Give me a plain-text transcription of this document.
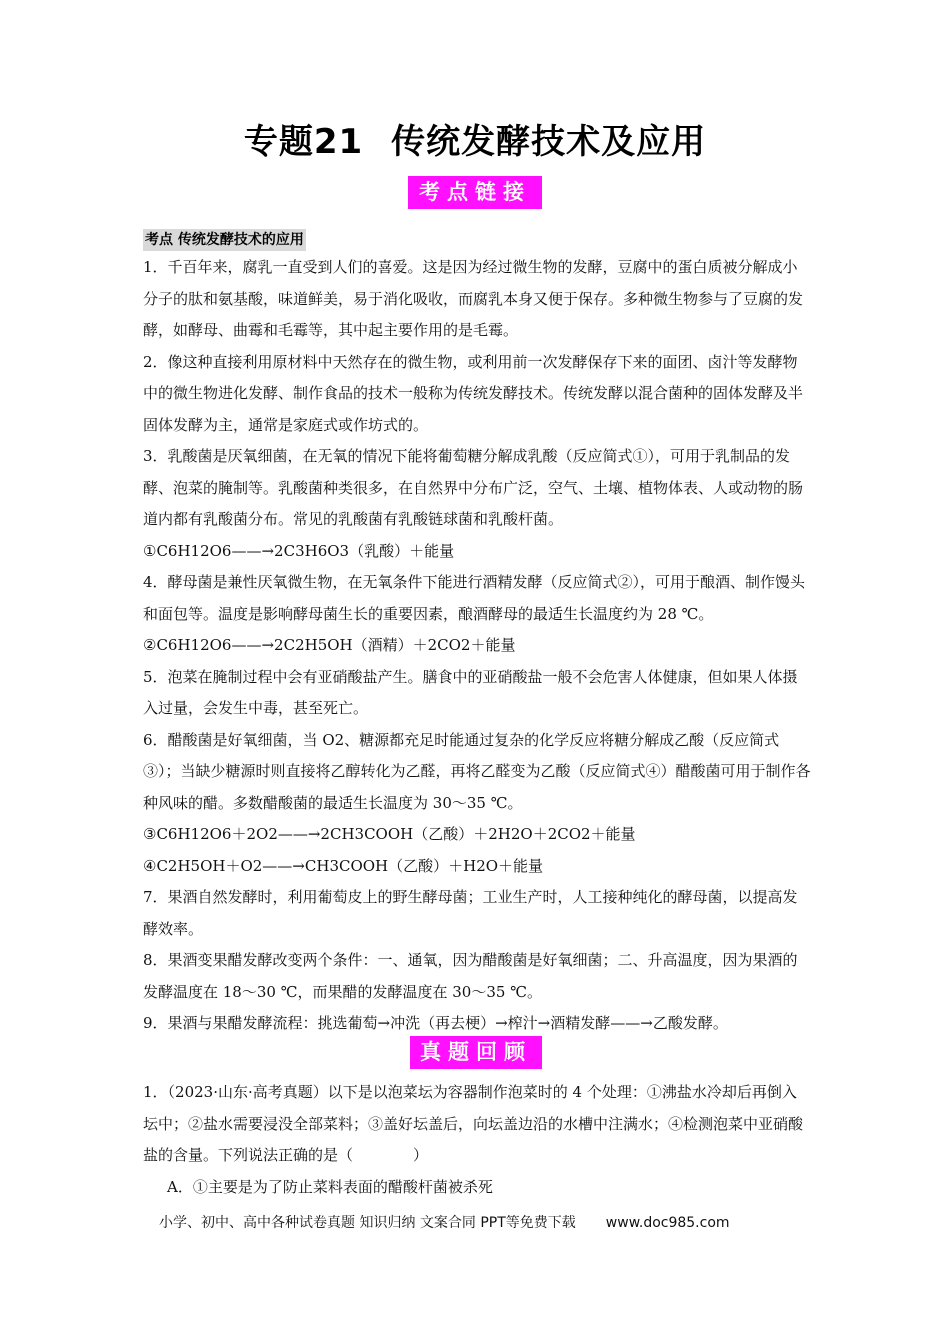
专题21 传统发酵技术及应用
考点链接
考点 传统发酵技术的应用

1．千百年来，腐乳一直受到人们的喜爱。这是因为经过微生物的发酵，豆腐中的蛋白质被分解成小分子的肽和氨基酸，味道鲜美，易于消化吸收，而腐乳本身又便于保存。多种微生物参与了豆腐的发酵，如酵母、曲霉和毛霉等，其中起主要作用的是毛霉。

2．像这种直接利用原材料中天然存在的微生物，或利用前一次发酵保存下来的面团、卤汁等发酵物中的微生物进化发酵、制作食品的技术一般称为传统发酵技术。传统发酵以混合菌种的固体发酵及半固体发酵为主，通常是家庭式或作坊式的。

3．乳酸菌是厌氧细菌，在无氧的情况下能将葡萄糖分解成乳酸（反应简式①），可用于乳制品的发酵、泡菜的腌制等。乳酸菌种类很多，在自然界中分布广泛，空气、土壤、植物体表、人或动物的肠道内都有乳酸菌分布。常见的乳酸菌有乳酸链球菌和乳酸杆菌。

①C6H12O6——→2C3H6O3（乳酸）＋能量

4．酵母菌是兼性厌氧微生物，在无氧条件下能进行酒精发酵（反应简式②），可用于酿酒、制作馒头和面包等。温度是影响酵母菌生长的重要因素，酿酒酵母的最适生长温度约为 28 ℃。

②C6H12O6——→2C2H5OH（酒精）＋2CO2＋能量

5．泡菜在腌制过程中会有亚硝酸盐产生。膳食中的亚硝酸盐一般不会危害人体健康，但如果人体摄入过量，会发生中毒，甚至死亡。

6．醋酸菌是好氧细菌，当 O2、糖源都充足时能通过复杂的化学反应将糖分解成乙酸（反应简式③）；当缺少糖源时则直接将乙醇转化为乙醛，再将乙醛变为乙酸（反应简式④）醋酸菌可用于制作各种风味的醋。多数醋酸菌的最适生长温度为 30～35 ℃。

③C6H12O6＋2O2——→2CH3COOH（乙酸）＋2H2O＋2CO2＋能量

④C2H5OH＋O2——→CH3COOH（乙酸）＋H2O＋能量

7．果酒自然发酵时，利用葡萄皮上的野生酵母菌；工业生产时，人工接种纯化的酵母菌，以提高发酵效率。

8．果酒变果醋发酵改变两个条件：一、通氧，因为醋酸菌是好氧细菌；二、升高温度，因为果酒的发酵温度在 18～30 ℃，而果醋的发酵温度在 30～35 ℃。

9．果酒与果醋发酵流程：挑选葡萄→冲洗（再去梗）→榨汁→酒精发酵——→乙酸发酵。

真题回顾

1．（2023·山东·高考真题）以下是以泡菜坛为容器制作泡菜时的 4 个处理：①沸盐水冷却后再倒入坛中；②盐水需要浸没全部菜料；③盖好坛盖后，向坛盖边沿的水槽中注满水；④检测泡菜中亚硝酸盐的含量。下列说法正确的是（　　　　）

A．①主要是为了防止菜料表面的醋酸杆菌被杀死

小学、初中、高中各种试卷真题 知识归纳 文案合同 PPT等免费下载 www.doc985.com
